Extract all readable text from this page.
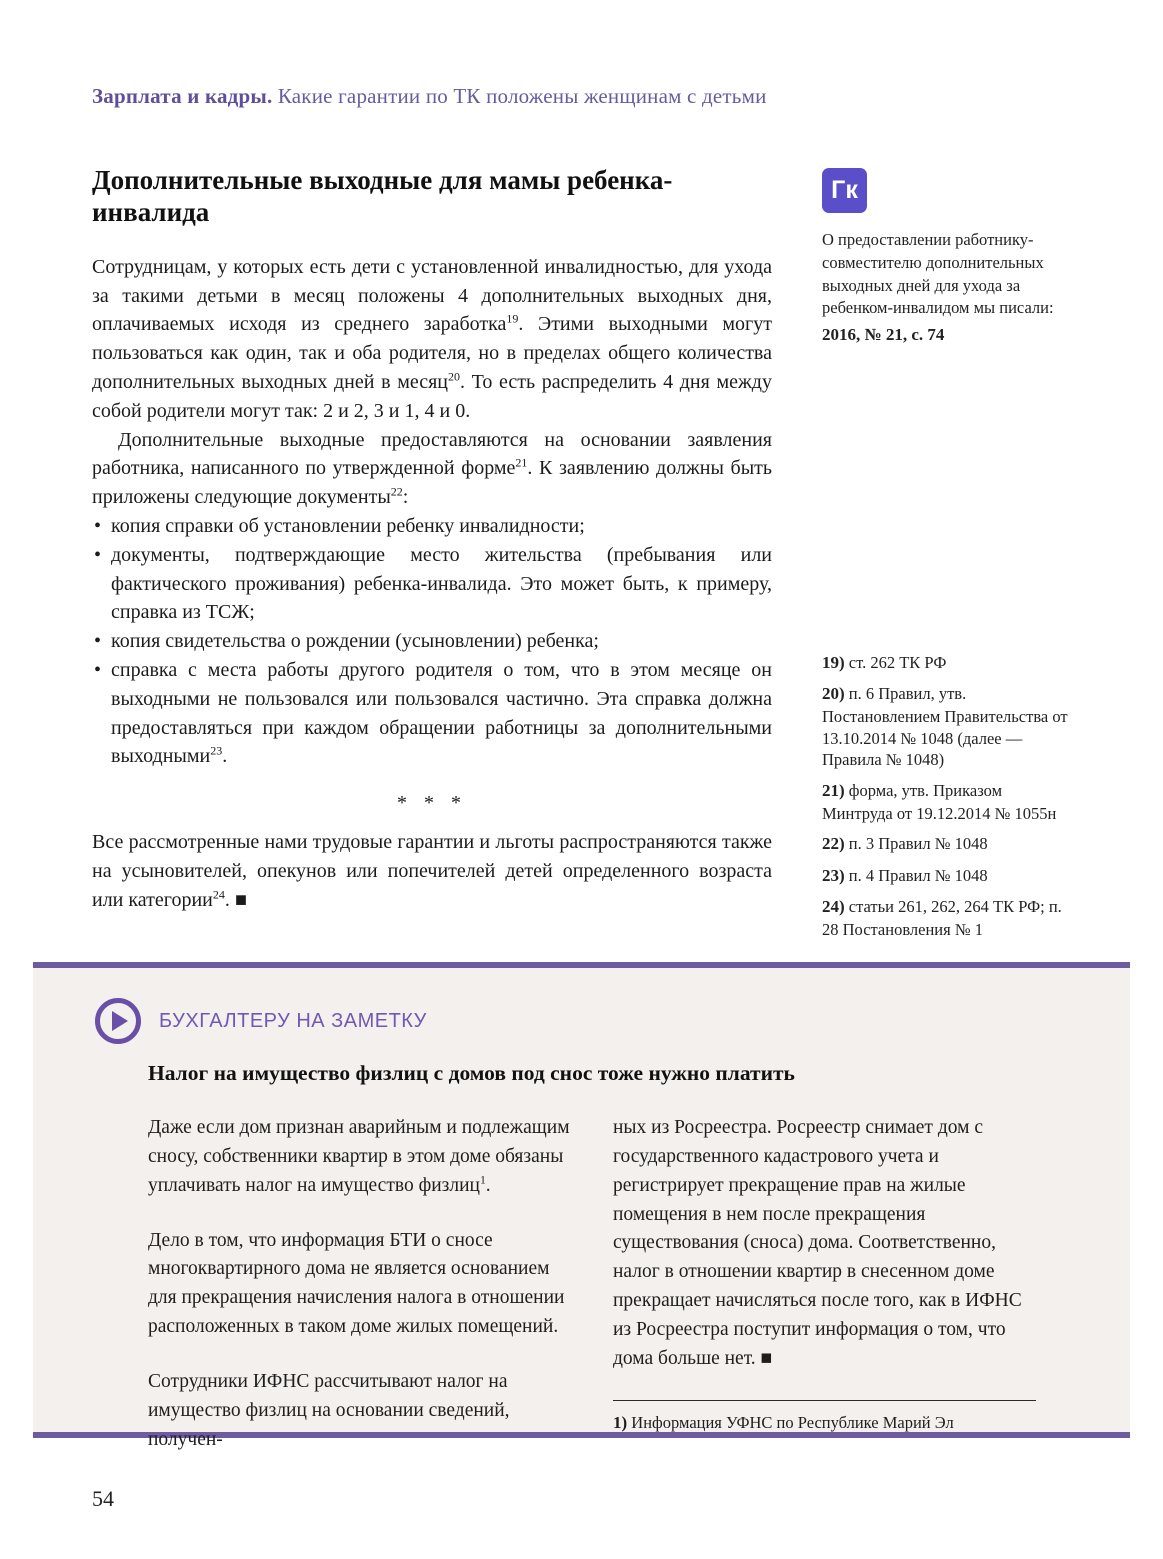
Зарплата и кадры. Какие гарантии по ТК положены женщинам с детьми
Дополнительные выходные для мамы ребенка-инвалида

Сотрудницам, у которых есть дети с установленной инвалидностью, для ухода за такими детьми в месяц положены 4 дополнительных выходных дня, оплачиваемых исходя из среднего заработка$^{19}$. Этими выходными могут пользоваться как один, так и оба родителя, но в пределах общего количества дополнительных выходных дней в месяц$^{20}$. То есть распределить 4 дня между собой родители могут так: 2 и 2, 3 и 1, 4 и 0.

Дополнительные выходные предоставляются на основании заявления работника, написанного по утвержденной форме$^{21}$. К заявлению должны быть приложены следующие документы$^{22}$:

• копия справки об установлении ребенку инвалидности;
• документы, подтверждающие место жительства (пребывания или фактического проживания) ребенка-инвалида. Это может быть, к примеру, справка из ТСЖ;
• копия свидетельства о рождении (усыновлении) ребенка;
• справка с места работы другого родителя о том, что в этом месяце он выходными не пользовался или пользовался частично. Эта справка должна предоставляться при каждом обращении работницы за дополнительными выходными$^{23}$.

* * *

Все рассмотренные нами трудовые гарантии и льготы распространяются также на усыновителей, опекунов или попечителей детей определенного возраста или категории$^{24}$. ■

Гк
О предоставлении работнику-совместителю дополнительных выходных дней для ухода за ребенком-инвалидом мы писали:
2016, № 21, с. 74
19) ст. 262 ТК РФ
20) п. 6 Правил, утв. Постановлением Правительства от 13.10.2014 № 1048 (далее — Правила № 1048)
21) форма, утв. Приказом Минтруда от 19.12.2014 № 1055н
22) п. 3 Правил № 1048
23) п. 4 Правил № 1048
24) статьи 261, 262, 264 ТК РФ; п. 28 Постановления № 1
БУХГАЛТЕРУ НА ЗАМЕТКУ
Налог на имущество физлиц с домов под снос тоже нужно платить

Даже если дом признан аварийным и подлежащим сносу, собственники квартир в этом доме обязаны уплачивать налог на имущество физлиц$^1$.

Дело в том, что информация БТИ о сносе многоквартирного дома не является основанием для прекращения начисления налога в отношении расположенных в таком доме жилых помещений.

Сотрудники ИФНС рассчитывают налог на имущество физлиц на основании сведений, получен-

ных из Росреестра. Росреестр снимает дом с государственного кадастрового учета и регистрирует прекращение прав на жилые помещения в нем после прекращения существования (сноса) дома. Соответственно, налог в отношении квартир в снесенном доме прекращает начисляться после того, как в ИФНС из Росреестра поступит информация о том, что дома больше нет. ■

1) Информация УФНС по Республике Марий Эл
54
